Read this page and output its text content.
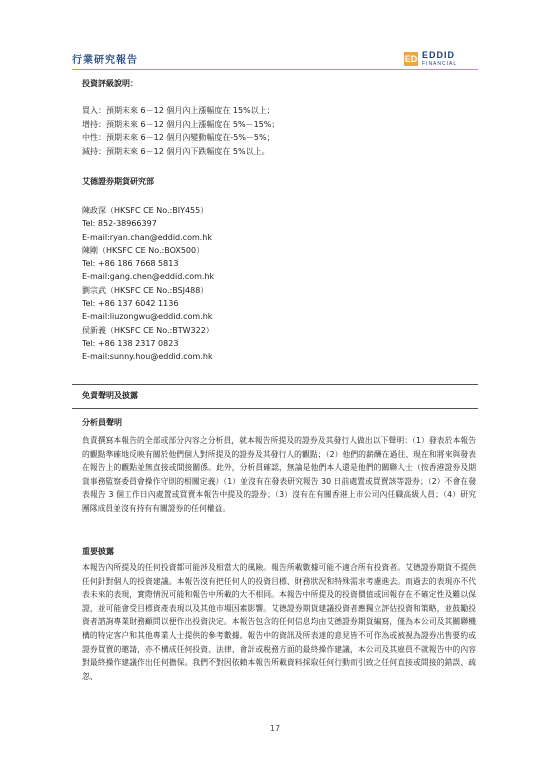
行業研究報告	ED EDDID
FINANCIAL
投資評級說明：
買入：預期未來 6－12 個月內上漲幅度在 15%以上；
增持：預期未來 6－12 個月內上漲幅度在 5%－15%；
中性：預期未來 6－12 個月內變動幅度在-5%－5%；
減持：預期未來 6－12 個月內下跌幅度在 5%以上。
艾德證券期貨研究部
陳政深（HKSFC CE No.:BIY455）
Tel: 852-38966397
E-mail:ryan.chan@eddid.com.hk
陳剛（HKSFC CE No.:BOX500）
Tel: +86 186 7668 5813
E-mail:gang.chen@eddid.com.hk
劉宗武（HKSFC CE No.:BSJ488）
Tel: +86 137 6042 1136
E-mail:liuzongwu@eddid.com.hk
侯新義（HKSFC CE No.:BTW322）
Tel: +86 138 2317 0823
E-mail:sunny.hou@eddid.com.hk
免責聲明及披露
分析員聲明
負責撰寫本報告的全部或部分內容之分析員，就本報告所提及的證券及其發行人做出以下聲明：（1）發表於本報告的觀點準確地反映有關於他們個人對所提及的證券及其發行人的觀點；（2）他們的薪酬在過往、現在和將來與發表在報告上的觀點並無直接或間接關係。此外，分析員確認，無論是他們本人還是他們的關聯人士（按香港證券及期貨事務監察委員會操作守則的相關定義）（1）並沒有在發表研究報告 30 日前處置或買賣該等證券；（2）不會在發表報告 3 個工作日內處置或買賣本報告中提及的證券；（3）沒有在有關香港上市公司內任職高級人員；（4）研究團隊成員並沒有持有有關證券的任何權益。
重要披露
本報告內所提及的任何投資都可能涉及相當大的風險。報告所載數據可能不適合所有投資者。艾德證券期貨不提供任何針對個人的投資建議。本報告沒有把任何人的投資目標、財務狀況和特殊需求考慮進去。而過去的表現亦不代表未來的表現，實際情況可能和報告中所載的大不相同。本報告中所提及的投資價值或回報存在不確定性及難以保證，並可能會受目標資產表現以及其他市場因素影響。艾德證券期貨建議投資者應獨立評估投資和策略，並鼓勵投資者諮詢專業財務顧問以便作出投資決定。本報告包含的任何信息均由艾德證券期貨編寫，僅為本公司及其關聯機構的特定客户和其他專業人士提供的參考數據。報告中的資訊及所表達的意見皆不可作為或被視為證券出售要約或證券買賣的邀請，亦不構成任何投資、法律、會計或税務方面的最終操作建議，本公司及其雇員不就報告中的內容對最終操作建議作出任何擔保。我們不對因依賴本報告所載資料採取任何行動而引致之任何直接或間接的錯誤、疏忽、
17
